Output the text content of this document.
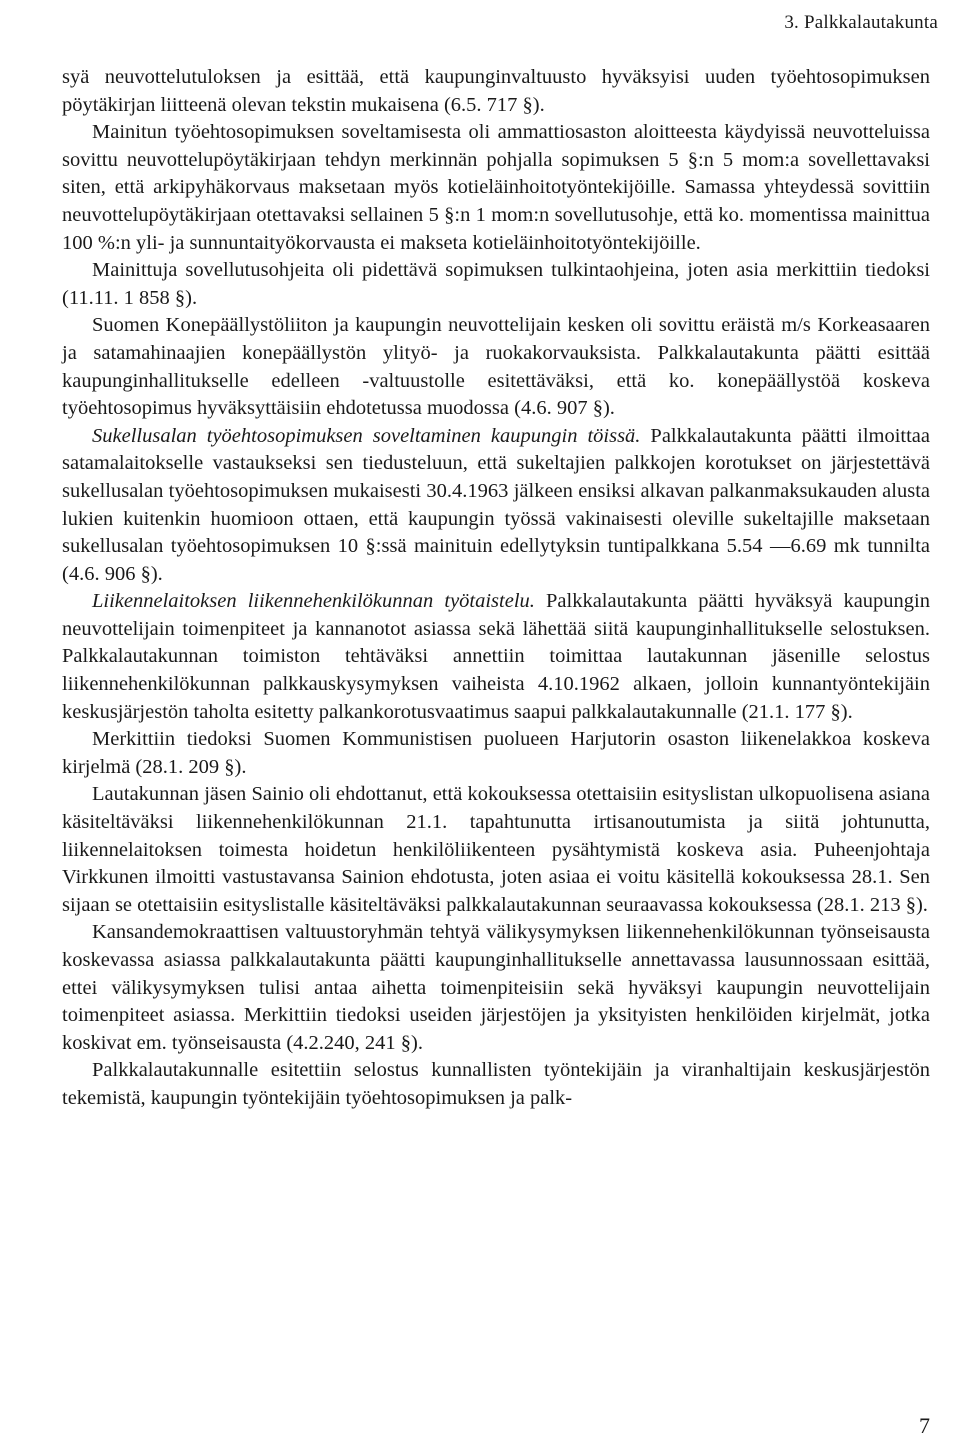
3. Palkkalautakunta

syä neuvottelutuloksen ja esittää, että kaupunginvaltuusto hyväksyisi uuden työehtosopimuksen pöytäkirjan liitteenä olevan tekstin mukaisena (6.5. 717 §).

Mainitun työehtosopimuksen soveltamisesta oli ammattiosaston aloitteesta käydyissä neuvotteluissa sovittu neuvottelupöytäkirjaan tehdyn merkinnän pohjalla sopimuksen 5 §:n 5 mom:a sovellettavaksi siten, että arkipyhäkorvaus maksetaan myös kotieläinhoitotyöntekijöille. Samassa yhteydessä sovittiin neuvottelupöytäkirjaan otettavaksi sellainen 5 §:n 1 mom:n sovellutusohje, että ko. momentissa mainittua 100 %:n yli- ja sunnuntaityökorvausta ei makseta kotieläinhoitotyöntekijöille.

Mainittuja sovellutusohjeita oli pidettävä sopimuksen tulkintaohjeina, joten asia merkittiin tiedoksi (11.11. 1 858 §).

Suomen Konepäällystöliiton ja kaupungin neuvottelijain kesken oli sovittu eräistä m/s Korkeasaaren ja satamahinaajien konepäällystön ylityö- ja ruokakorvauksista. Palkkalautakunta päätti esittää kaupunginhallitukselle edelleen -valtuustolle esitettäväksi, että ko. konepäällystöä koskeva työehtosopimus hyväksyttäisiin ehdotetussa muodossa (4.6. 907 §).

Sukellusalan työehtosopimuksen soveltaminen kaupungin töissä. Palkkalautakunta päätti ilmoittaa satamalaitokselle vastaukseksi sen tiedusteluun, että sukeltajien palkkojen korotukset on järjestettävä sukellusalan työehtosopimuksen mukaisesti 30.4.1963 jälkeen ensiksi alkavan palkanmaksukauden alusta lukien kuitenkin huomioon ottaen, että kaupungin työssä vakinaisesti oleville sukeltajille maksetaan sukellusalan työehtosopimuksen 10 §:ssä mainituin edellytyksin tuntipalkkana 5.54 —6.69 mk tunnilta (4.6. 906 §).

Liikennelaitoksen liikennehenkilökunnan työtaistelu. Palkkalautakunta päätti hyväksyä kaupungin neuvottelijain toimenpiteet ja kannanotot asiassa sekä lähettää siitä kaupunginhallitukselle selostuksen. Palkkalautakunnan toimiston tehtäväksi annettiin toimittaa lautakunnan jäsenille selostus liikennehenkilökunnan palkkauskysymyksen vaiheista 4.10.1962 alkaen, jolloin kunnantyöntekijäin keskusjärjestön taholta esitetty palkankorotusvaatimus saapui palkkalautakunnalle (21.1. 177 §).

Merkittiin tiedoksi Suomen Kommunistisen puolueen Harjutorin osaston liikenelakkoa koskeva kirjelmä (28.1. 209 §).

Lautakunnan jäsen Sainio oli ehdottanut, että kokouksessa otettaisiin esityslistan ulkopuolisena asiana käsiteltäväksi liikennehenkilökunnan 21.1. tapahtunutta irtisanoutumista ja siitä johtunutta, liikennelaitoksen toimesta hoidetun henkilöliikenteen pysähtymistä koskeva asia. Puheenjohtaja Virkkunen ilmoitti vastustavansa Sainion ehdotusta, joten asiaa ei voitu käsitellä kokouksessa 28.1. Sen sijaan se otettaisiin esityslistalle käsiteltäväksi palkkalautakunnan seuraavassa kokouksessa (28.1. 213 §).

Kansandemokraattisen valtuustoryhmän tehtyä välikysymyksen liikennehenkilökunnan työnseisausta koskevassa asiassa palkkalautakunta päätti kaupunginhallitukselle annettavassa lausunnossaan esittää, ettei välikysymyksen tulisi antaa aihetta toimenpiteisiin sekä hyväksyi kaupungin neuvottelijain toimenpiteet asiassa. Merkittiin tiedoksi useiden järjestöjen ja yksityisten henkilöiden kirjelmät, jotka koskivat em. työnseisausta (4.2.240, 241 §).

Palkkalautakunnalle esitettiin selostus kunnallisten työntekijäin ja viranhaltijain keskusjärjestön tekemistä, kaupungin työntekijäin työehtosopimuksen ja palk-

7
